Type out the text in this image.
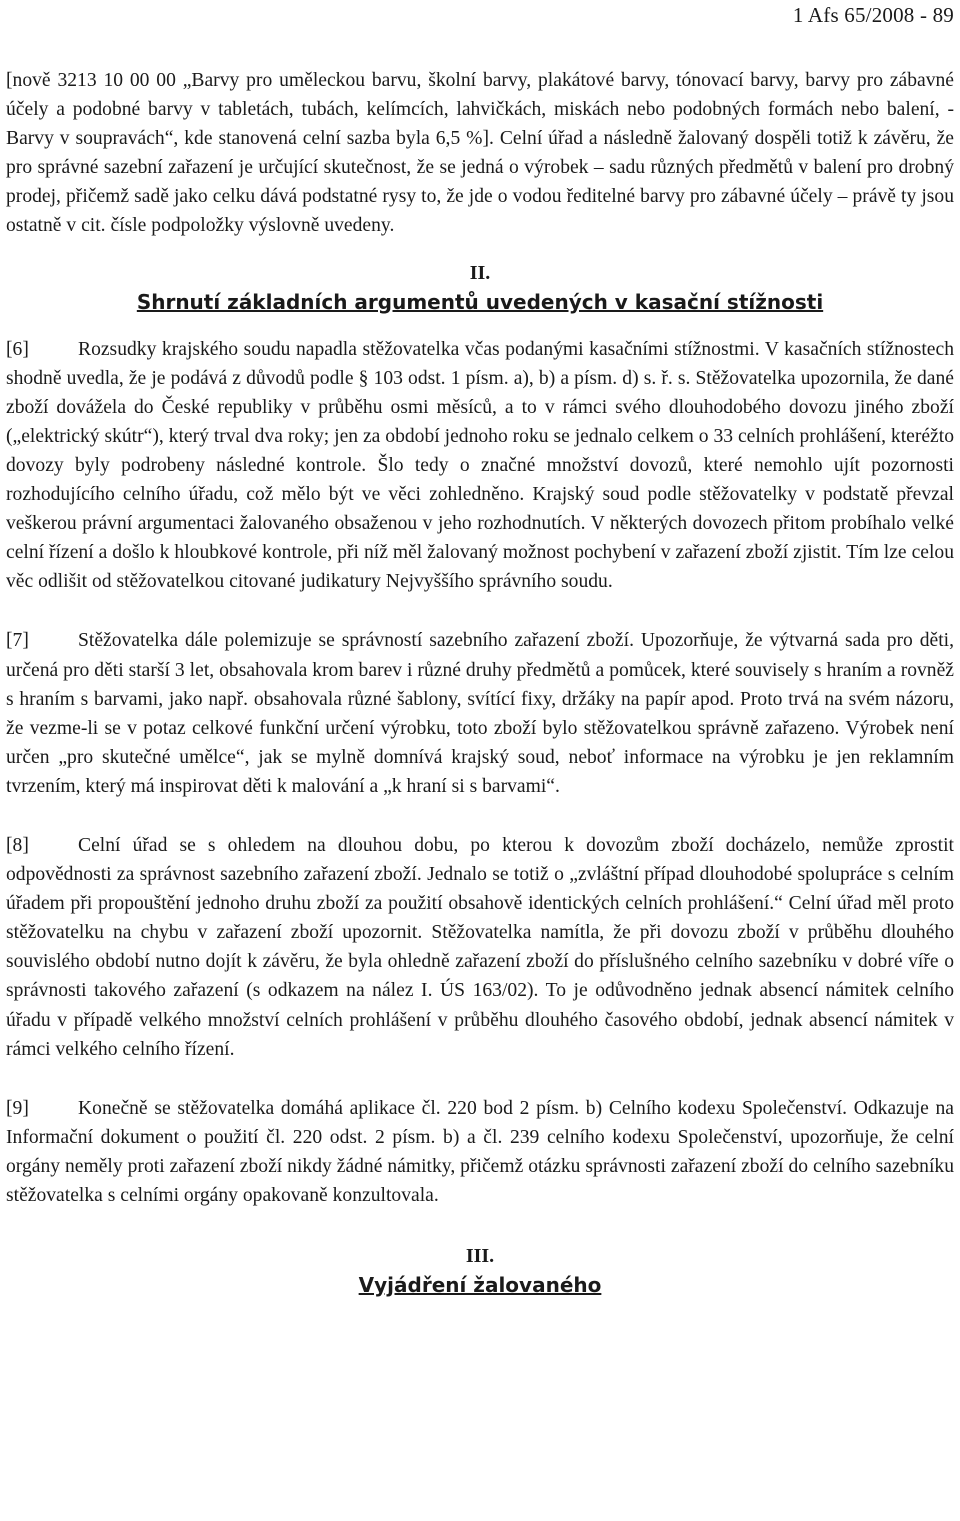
1 Afs 65/2008 - 89

[nově 3213 10 00 00 „Barvy pro uměleckou barvu, školní barvy, plakátové barvy, tónovací barvy, barvy pro zábavné účely a podobné barvy v tabletách, tubách, kelímcích, lahvičkách, miskách nebo podobných formách nebo balení, - Barvy v soupravách“, kde stanovená celní sazba byla 6,5 %]. Celní úřad a následně žalovaný dospěli totiž k závěru, že pro správné sazební zařazení je určující skutečnost, že se jedná o výrobek – sadu různých předmětů v balení pro drobný prodej, přičemž sadě jako celku dává podstatné rysy to, že jde o vodou ředitelné barvy pro zábavné účely – právě ty jsou ostatně v cit. čísle podpoložky výslovně uvedeny.

II.

Shrnutí základních argumentů uvedených v kasační stížnosti

[6]	Rozsudky krajského soudu napadla stěžovatelka včas podanými kasačními stížnostmi. V kasačních stížnostech shodně uvedla, že je podává z důvodů podle § 103 odst. 1 písm. a), b) a písm. d) s. ř. s. Stěžovatelka upozornila, že dané zboží dovážela do České republiky v průběhu osmi měsíců, a to v rámci svého dlouhodobého dovozu jiného zboží („elektrický skútr“), který trval dva roky; jen za období jednoho roku se jednalo celkem o 33 celních prohlášení, kteréžto dovozy byly podrobeny následné kontrole. Šlo tedy o značné množství dovozů, které nemohlo ujít pozornosti rozhodujícího celního úřadu, což mělo být ve věci zohledněno. Krajský soud podle stěžovatelky v podstatě převzal veškerou právní argumentaci žalovaného obsaženou v jeho rozhodnutích. V některých dovozech přitom probíhalo velké celní řízení a došlo k hloubkové kontrole, při níž měl žalovaný možnost pochybení v zařazení zboží zjistit. Tím lze celou věc odlišit od stěžovatelkou citované judikatury Nejvyššího správního soudu.

[7]	Stěžovatelka dále polemizuje se správností sazebního zařazení zboží. Upozorňuje, že výtvarná sada pro děti, určená pro děti starší 3 let, obsahovala krom barev i různé druhy předmětů a pomůcek, které souvisely s hraním a rovněž s hraním s barvami, jako např. obsahovala různé šablony, svítící fixy, držáky na papír apod. Proto trvá na svém názoru, že vezme-li se v potaz celkové funkční určení výrobku, toto zboží bylo stěžovatelkou správně zařazeno. Výrobek není určen „pro skutečné umělce“, jak se mylně domnívá krajský soud, neboť informace na výrobku je jen reklamním tvrzením, který má inspirovat děti k malování a „k hraní si s barvami“.

[8]	Celní úřad se s ohledem na dlouhou dobu, po kterou k dovozům zboží docházelo, nemůže zprostit odpovědnosti za správnost sazebního zařazení zboží. Jednalo se totiž o „zvláštní případ dlouhodobé spolupráce s celním úřadem při propouštění jednoho druhu zboží za použití obsahově identických celních prohlášení.“ Celní úřad měl proto stěžovatelku na chybu v zařazení zboží upozornit. Stěžovatelka namítla, že při dovozu zboží v průběhu dlouhého souvislého období nutno dojít k závěru, že byla ohledně zařazení zboží do příslušného celního sazebníku v dobré víře o správnosti takového zařazení (s odkazem na nález I. ÚS 163/02). To je odůvodněno jednak absencí námitek celního úřadu v případě velkého množství celních prohlášení v průběhu dlouhého časového období, jednak absencí námitek v rámci velkého celního řízení.

[9]	Konečně se stěžovatelka domáhá aplikace čl. 220 bod 2 písm. b) Celního kodexu Společenství. Odkazuje na Informační dokument o použití čl. 220 odst. 2 písm. b) a čl. 239 celního kodexu Společenství, upozorňuje, že celní orgány neměly proti zařazení zboží nikdy žádné námitky, přičemž otázku správnosti zařazení zboží do celního sazebníku stěžovatelka s celními orgány opakovaně konzultovala.

III.

Vyjádření žalovaného
